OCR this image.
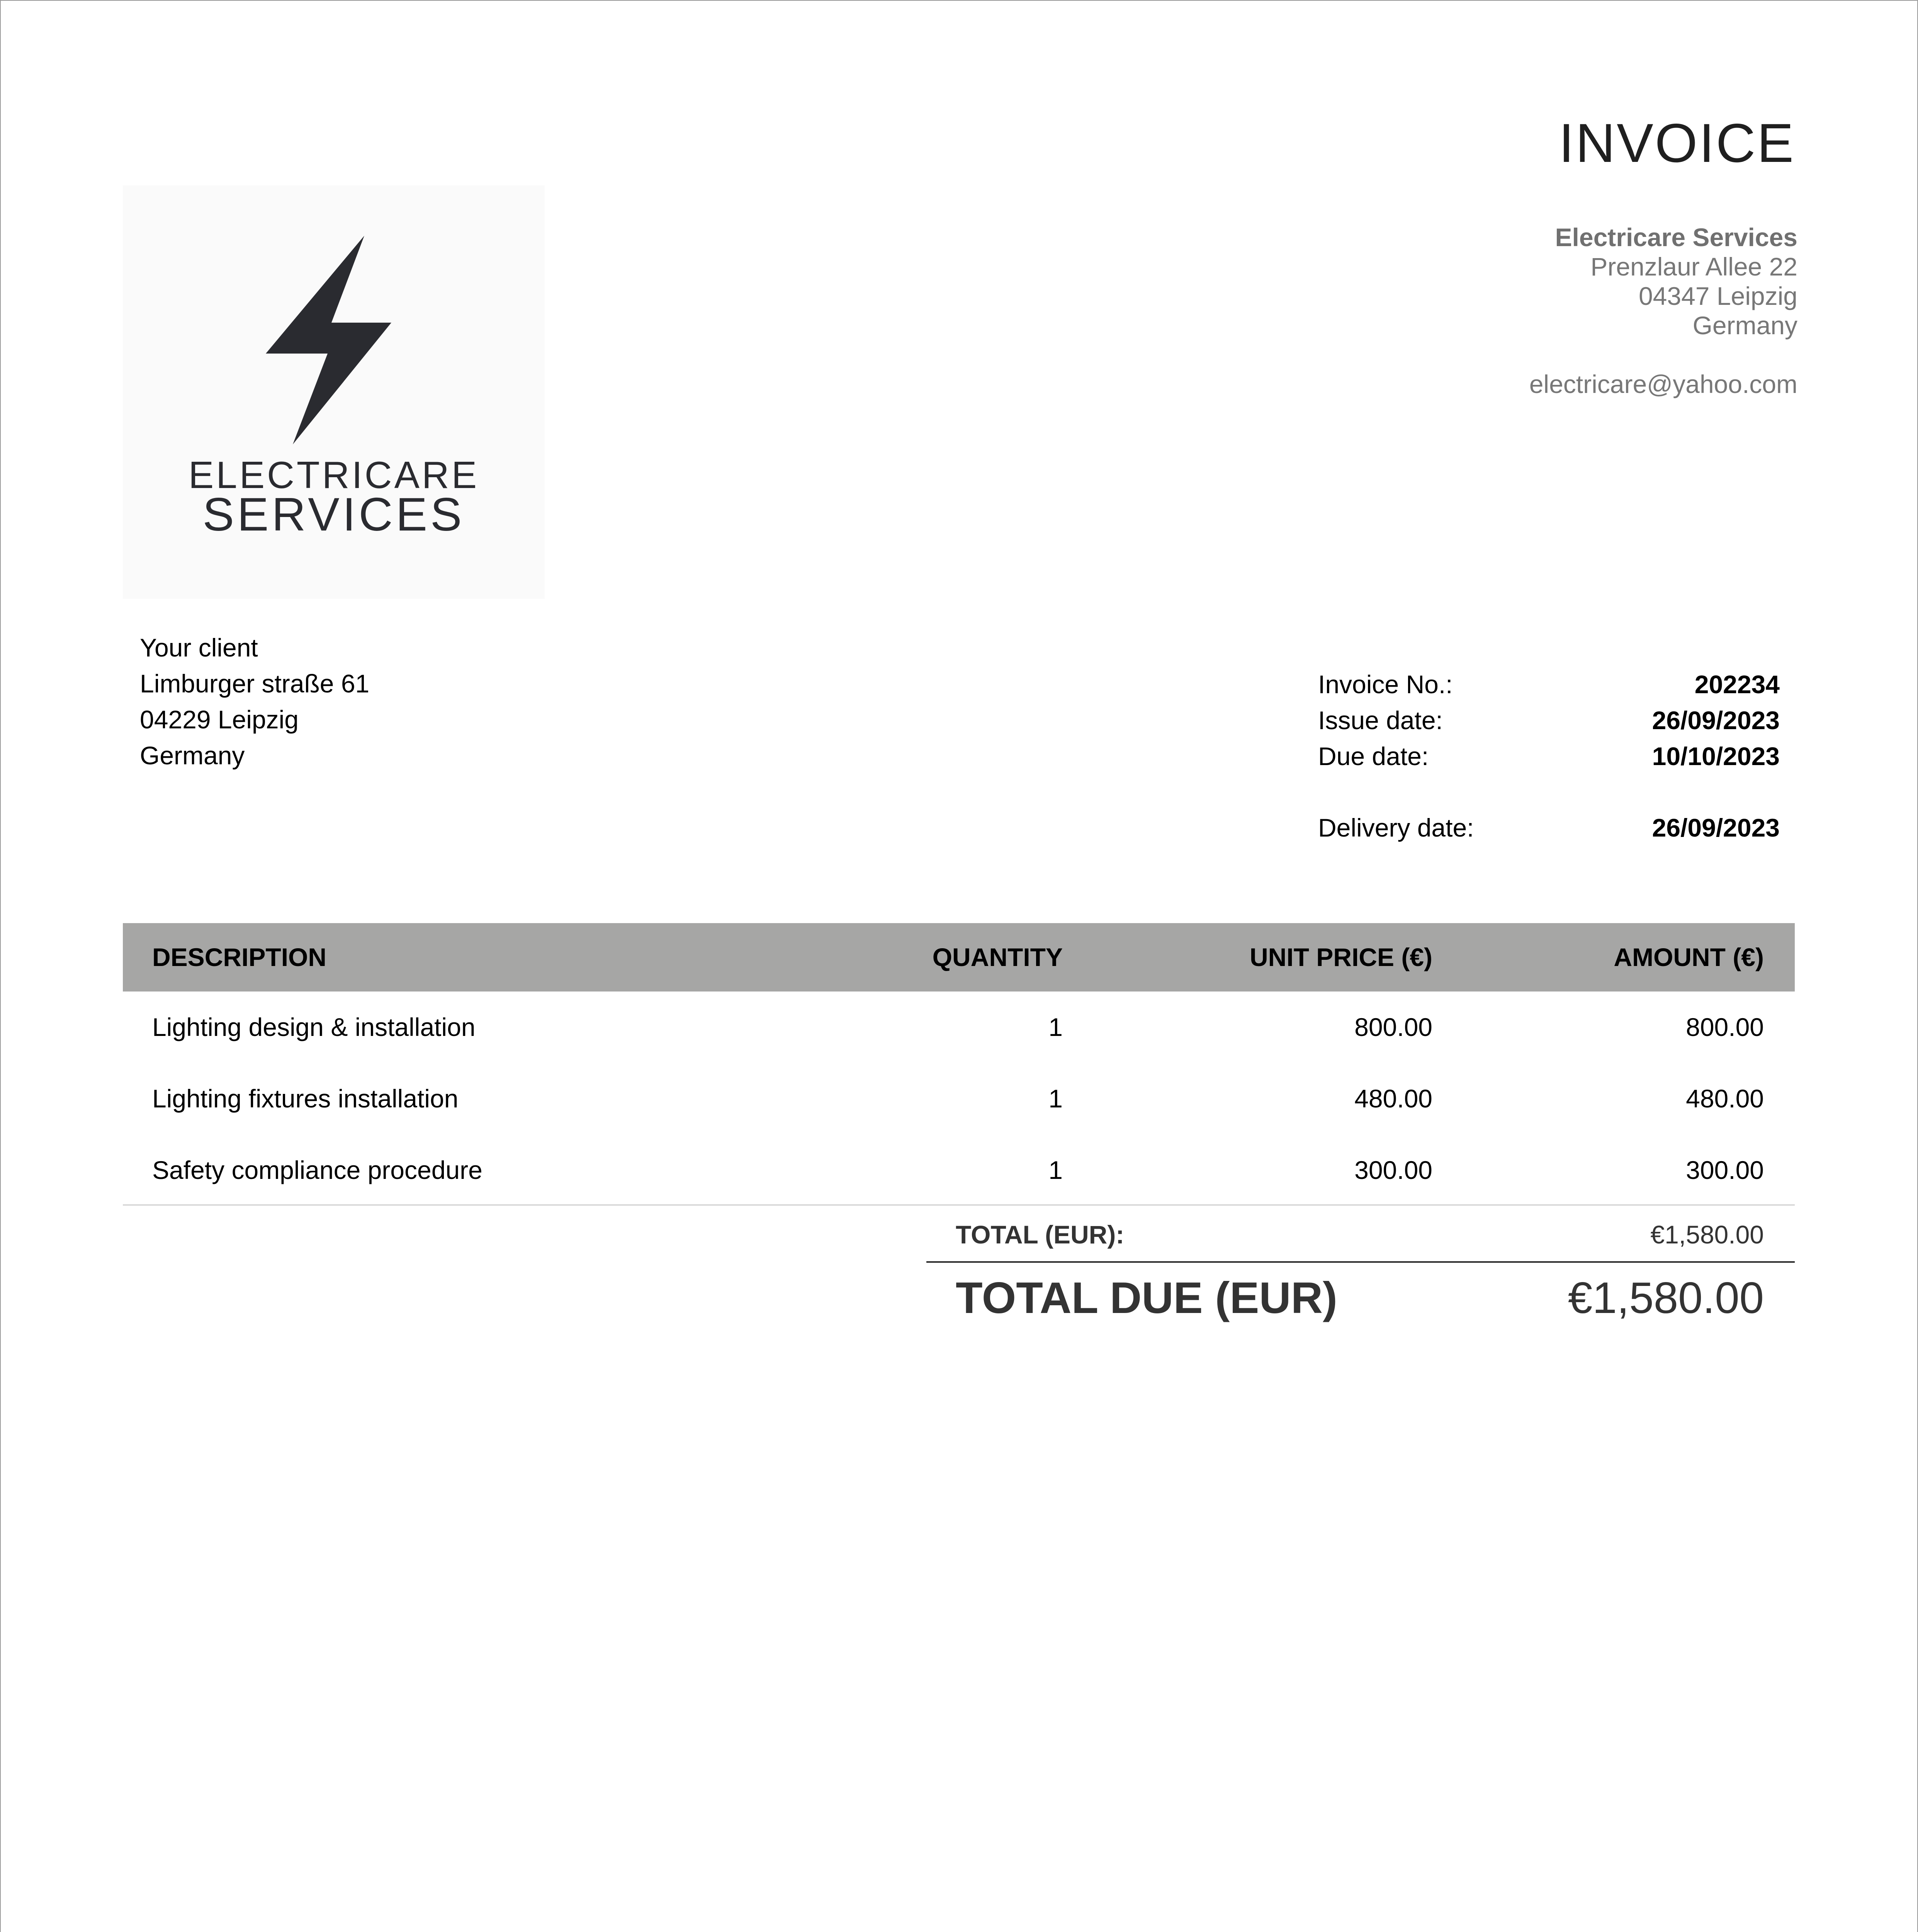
ELECTRICARE
SERVICES
INVOICE
Electricare Services
Prenzlaur Allee 22
04347 Leipzig
Germany
electricare@yahoo.com
Your client
Limburger straße 61
04229 Leipzig
Germany
Invoice No.:	202234
Issue date:	26/09/2023
Due date:	10/10/2023
Delivery date:	26/09/2023
DESCRIPTION	QUANTITY	UNIT PRICE (€)	AMOUNT (€)
Lighting design & installation	1	800.00	800.00
Lighting fixtures installation	1	480.00	480.00
Safety compliance procedure	1	300.00	300.00
TOTAL (EUR):	€1,580.00
TOTAL DUE (EUR)	€1,580.00
